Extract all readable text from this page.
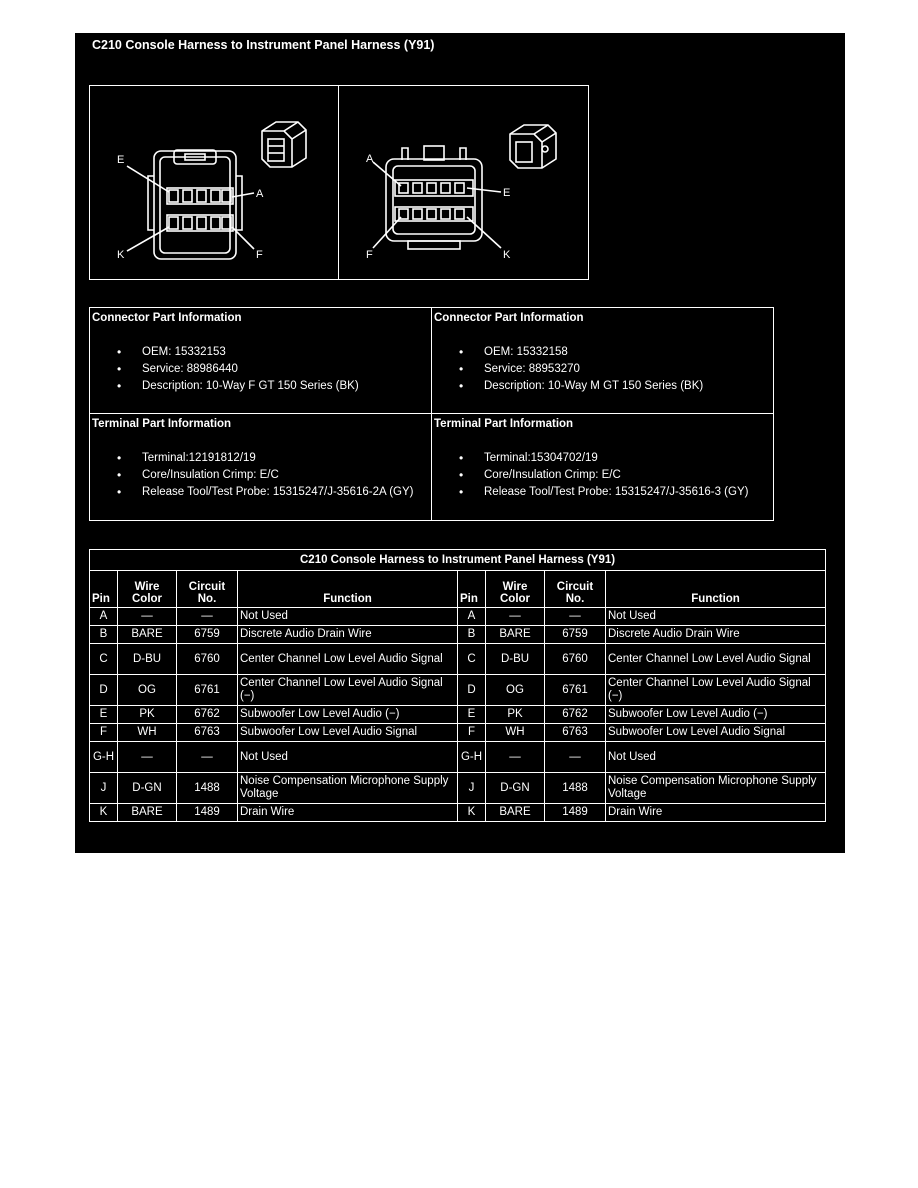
C210 Console Harness to Instrument Panel Harness (Y91)
E
A
K	F
A
E
F	K
Connector Part Information
• OEM: 15332153
• Service: 88986440
• Description: 10-Way F GT 150 Series (BK)
Connector Part Information
• OEM: 15332158
• Service: 88953270
• Description: 10-Way M GT 150 Series (BK)
Terminal Part Information
• Terminal:12191812/19
• Core/Insulation Crimp: E/C
• Release Tool/Test Probe: 15315247/J-35616-2A (GY)
Terminal Part Information
• Terminal:15304702/19
• Core/Insulation Crimp: E/C
• Release Tool/Test Probe: 15315247/J-35616-3 (GY)
C210 Console Harness to Instrument Panel Harness (Y91)							
Pin	Wire Color	Circuit No.	Function	Pin	Wire Color	Circuit No.	Function
A	—	—	Not Used	A	—	—	Not Used
B	BARE	6759	Discrete Audio Drain Wire	B	BARE	6759	Discrete Audio Drain Wire
C	D-BU	6760	Center Channel Low Level Audio Signal	C	D-BU	6760	Center Channel Low Level Audio Signal
D	OG	6761	Center Channel Low Level Audio Signal (−)	D	OG	6761	Center Channel Low Level Audio Signal (−)
E	PK	6762	Subwoofer Low Level Audio (−)	E	PK	6762	Subwoofer Low Level Audio (−)
F	WH	6763	Subwoofer Low Level Audio Signal	F	WH	6763	Subwoofer Low Level Audio Signal
G-H	—	—	Not Used	G-H	—	—	Not Used
J	D-GN	1488	Noise Compensation Microphone Supply Voltage	J	D-GN	1488	Noise Compensation Microphone Supply Voltage
K	BARE	1489	Drain Wire	K	BARE	1489	Drain Wire
